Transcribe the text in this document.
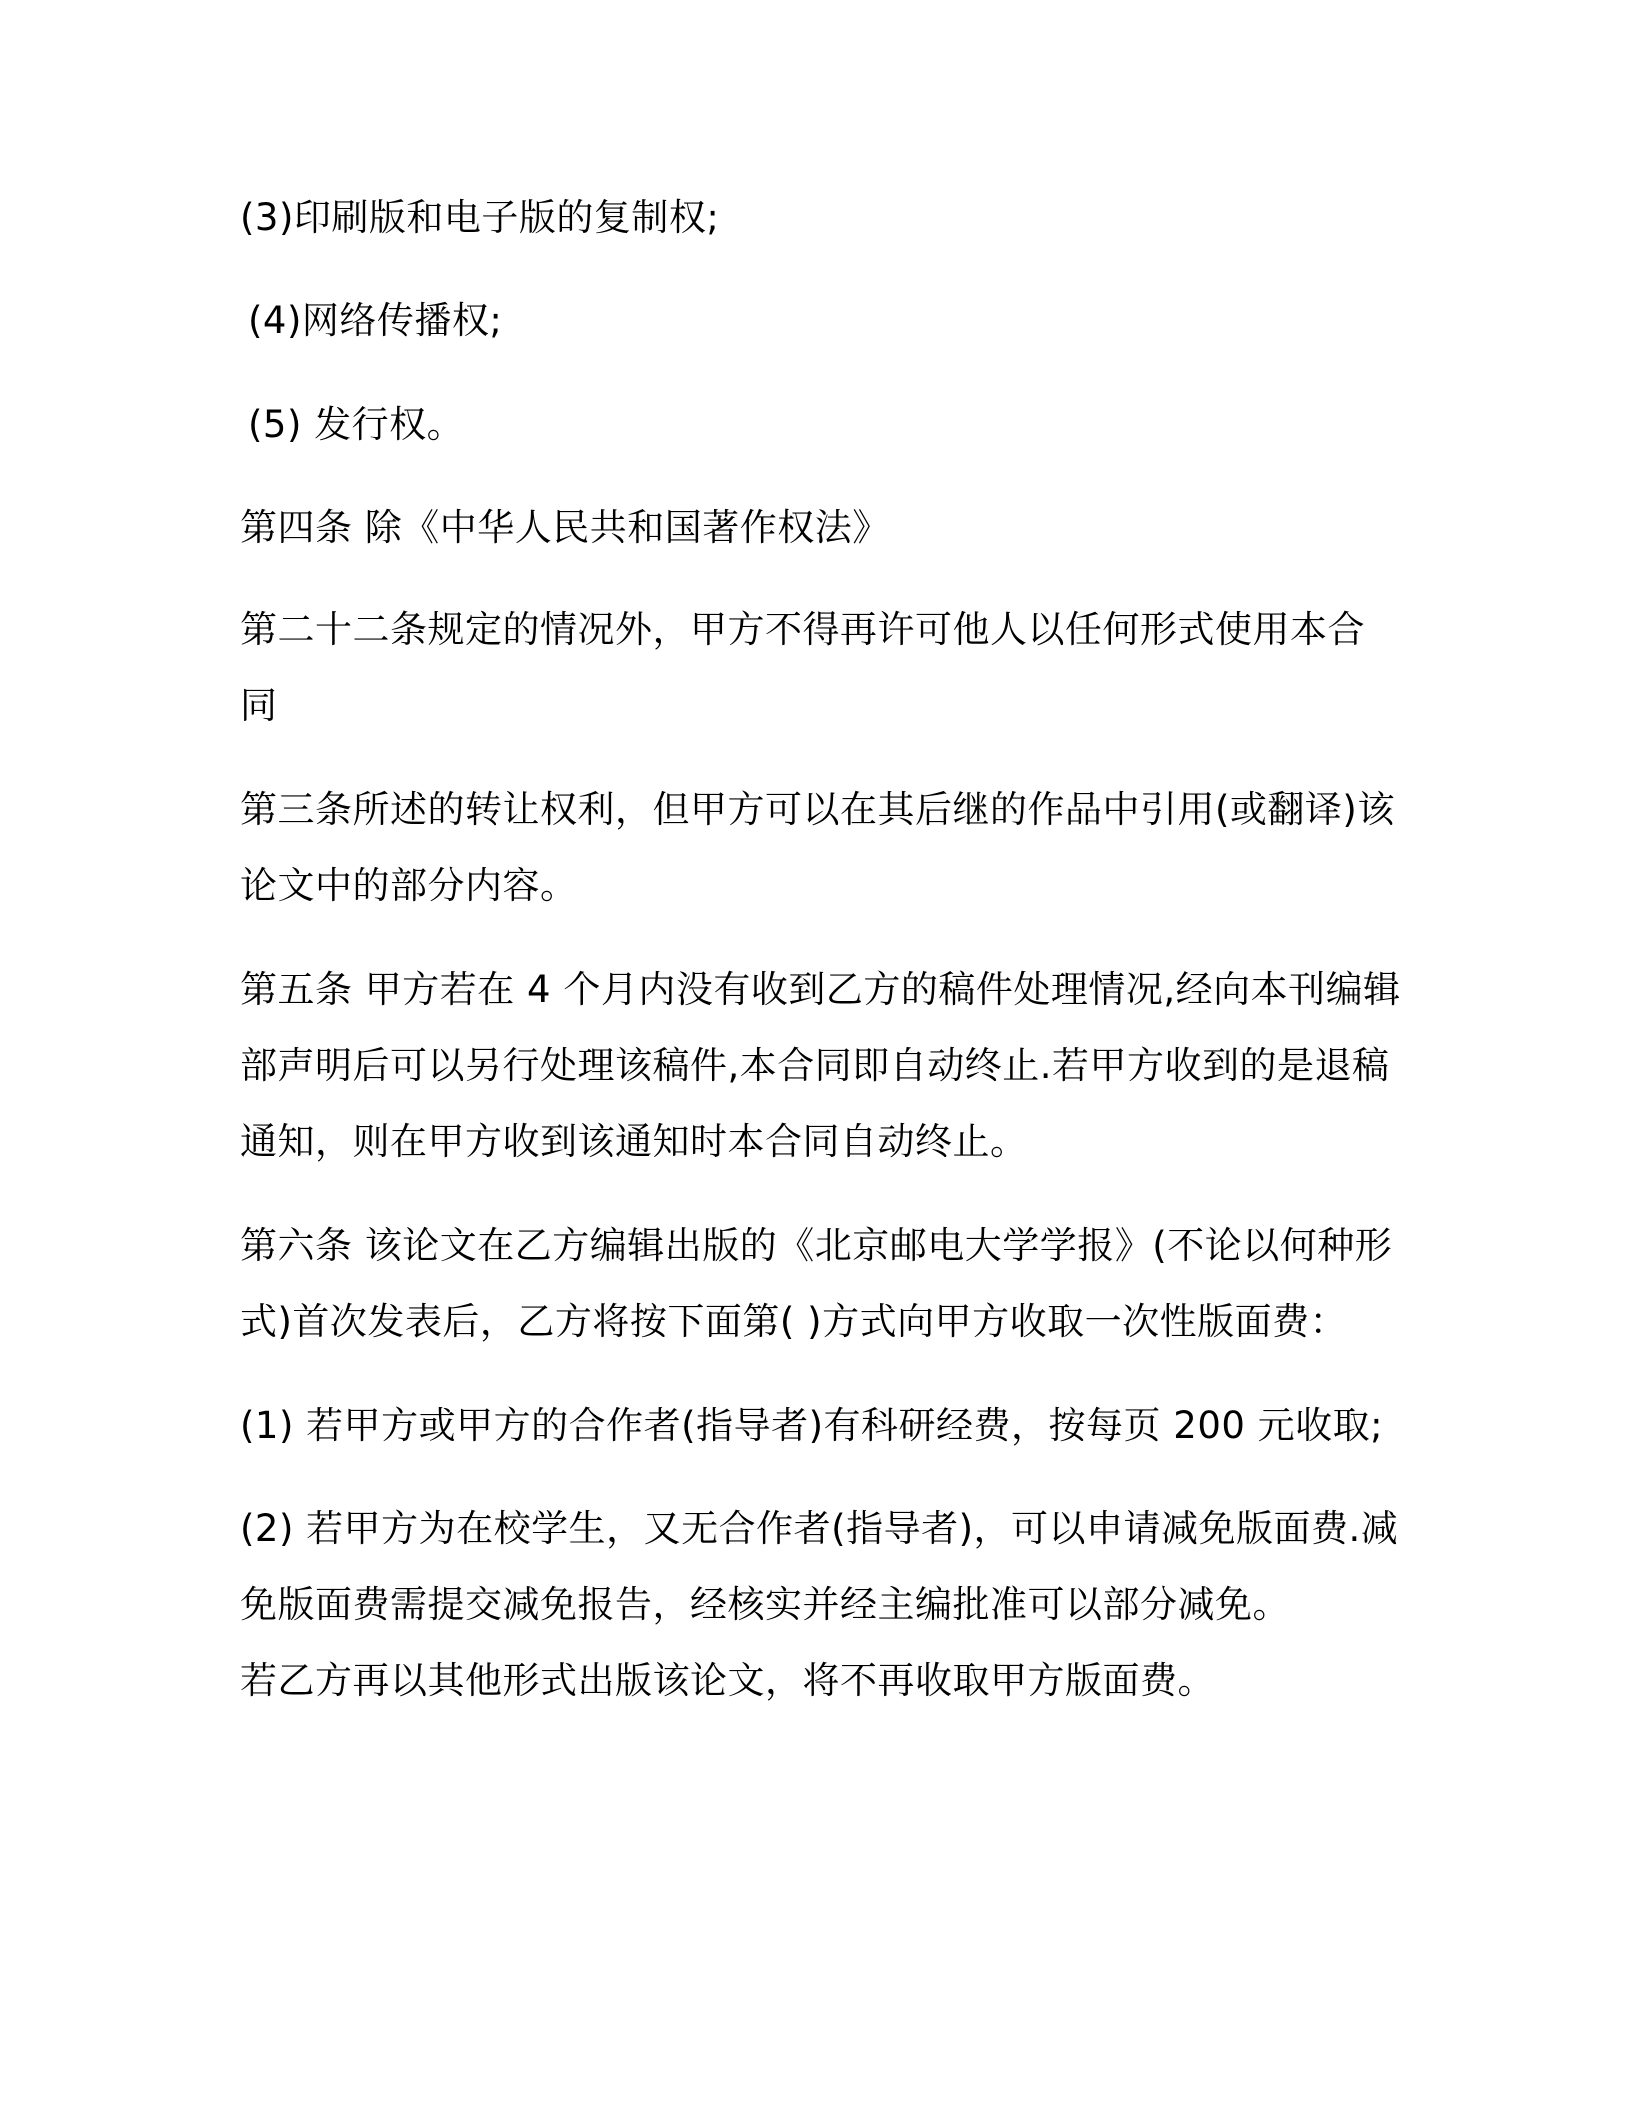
(3)印刷版和电子版的复制权;
(4)网络传播权;
(5) 发行权。
第四条 除《中华人民共和国著作权法》
第二十二条规定的情况外，甲方不得再许可他人以任何形式使用本合
同
第三条所述的转让权利，但甲方可以在其后继的作品中引用(或翻译)该
论文中的部分内容。
第五条 甲方若在 4 个月内没有收到乙方的稿件处理情况,经向本刊编辑
部声明后可以另行处理该稿件,本合同即自动终止.若甲方收到的是退稿
通知，则在甲方收到该通知时本合同自动终止。
第六条 该论文在乙方编辑出版的《北京邮电大学学报》(不论以何种形
式)首次发表后，乙方将按下面第( )方式向甲方收取一次性版面费：
(1) 若甲方或甲方的合作者(指导者)有科研经费，按每页 200 元收取;
(2) 若甲方为在校学生，又无合作者(指导者)，可以申请减免版面费.减
免版面费需提交减免报告，经核实并经主编批准可以部分减免。
若乙方再以其他形式出版该论文，将不再收取甲方版面费。
